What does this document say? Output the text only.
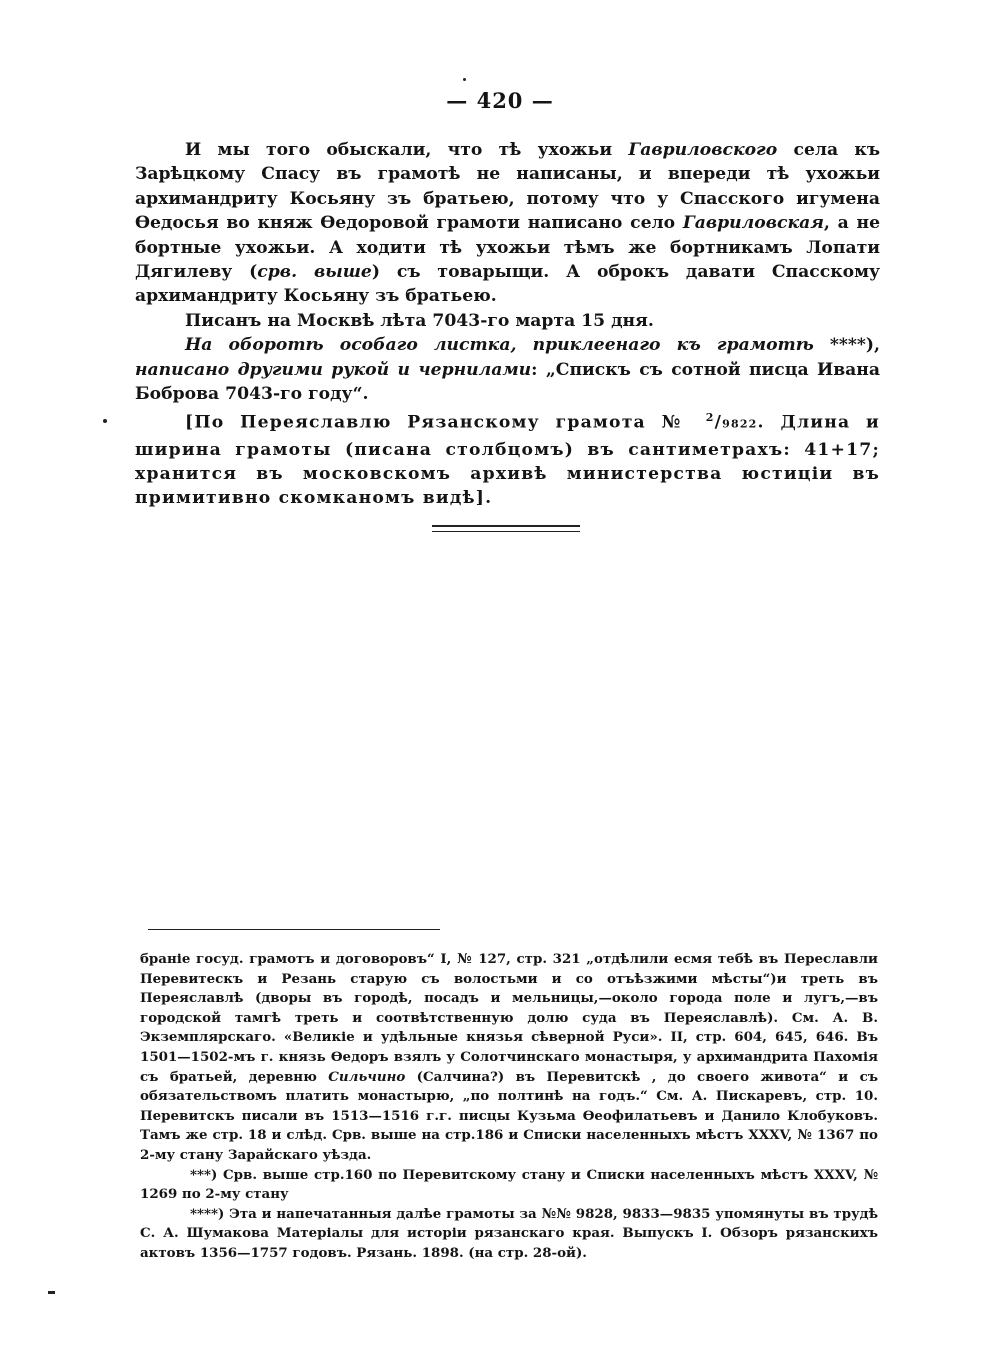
— 420 —

И мы того обыскали, что тѣ ухожьи Гавриловского села къ Зарѣцкому Спасу въ грамотѣ не написаны, и впереди тѣ ухожьи архимандриту Косьяну зъ братьею, потому что у Спасского игумена Ѳедосья во княж Ѳедоровой грамоти написано село Гавриловская, а не бортные ухожьи. А ходити тѣ ухожьи тѣмъ же бортникамъ Лопати Дягилеву (срв. выше) съ товарыщи. А оброкъ давати Спасскому архимандриту Косьяну зъ братьею.

Писанъ на Москвѣ лѣта 7043-го марта 15 дня.

На оборотѣ особаго листка, приклеенаго къ грамотѣ ****), написано другими рукой и чернилами: „Спискъ съ сотной писца Ивана Боброва 7043-го году“.

[По Переяславлю Рязанскому грамота № $^2$/9822. Длина и ширина грамоты (писана столбцомъ) въ сантиметрахъ: 41+17; хранится въ московскомъ архивѣ министерства юстиціи въ примитивно скомканомъ видѣ].

браніе госуд. грамотъ и договоровъ“ I, № 127, стр. 321 „отдѣлили есмя тебѣ въ Переславли Перевитескъ и Резань старую съ волостьми и со отъѣзжими мѣсты“)и треть въ Переяславлѣ (дворы въ городѣ, посадъ и мельницы,—около города поле и лугъ,—въ городской тамгѣ треть и соотвѣтственную долю суда въ Переяславлѣ). См. А. В. Экземплярскаго. «Великіе и удѣльные князья сѣверной Руси». II, стр. 604, 645, 646. Въ 1501—1502-мъ г. князь Ѳедоръ взялъ у Солотчинскаго монастыря, у архимандрита Пахомія съ братьей, деревню Сильчино (Салчина?) въ Перевитскѣ , до своего живота“ и съ обязательствомъ платить монастырю, „по полтинѣ на годъ.“ См. А. Пискаревъ, стр. 10. Перевитскъ писали въ 1513—1516 г.г. писцы Кузьма Ѳеофилатьевъ и Данило Клобуковъ. Тамъ же стр. 18 и слѣд. Срв. выше на стр.186 и Списки населенныхъ мѣстъ XXXV, № 1367 по 2-му стану Зарайскаго уѣзда.

***) Срв. выше стр.160 по Перевитскому стану и Списки населенныхъ мѣстъ XXXV, № 1269 по 2-му стану

****) Эта и напечатанныя далѣе грамоты за №№ 9828, 9833—9835 упомянуты въ трудѣ С. А. Шумакова Матеріалы для исторіи рязанскаго края. Выпускъ I. Обзоръ рязанскихъ актовъ 1356—1757 годовъ. Рязань. 1898. (на стр. 28-ой).
